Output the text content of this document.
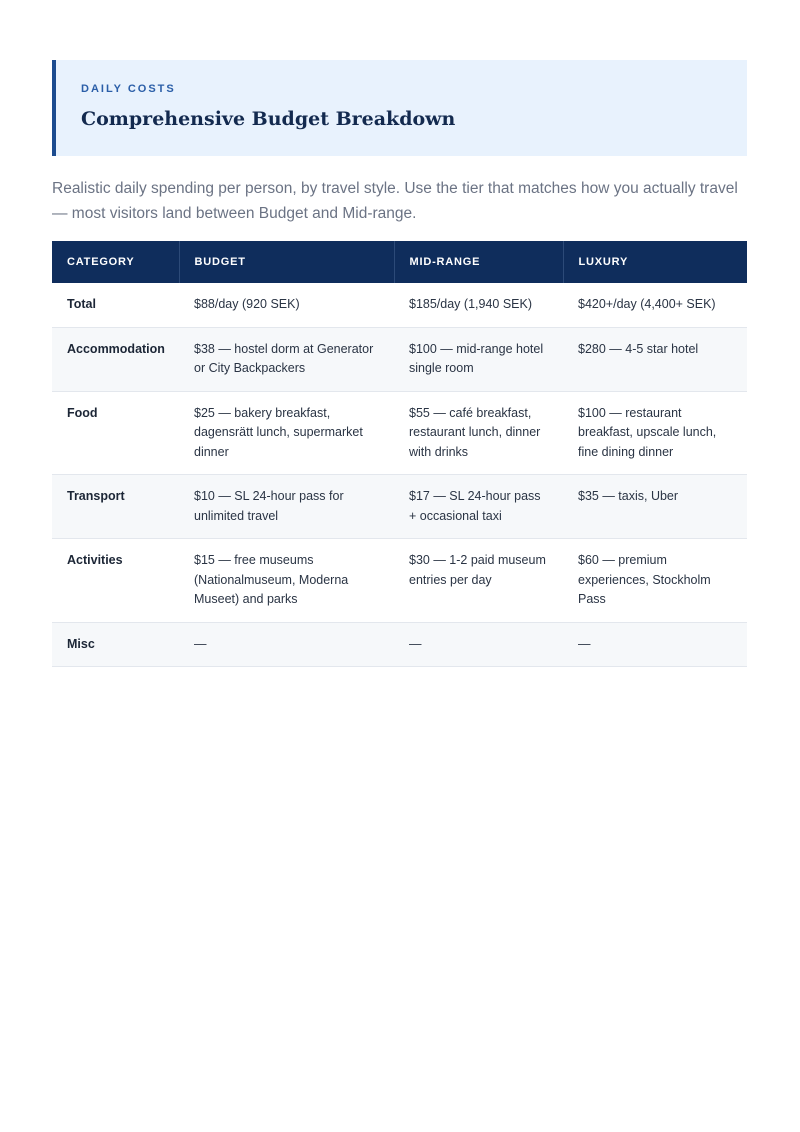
DAILY COSTS
Comprehensive Budget Breakdown

Realistic daily spending per person, by travel style. Use the tier that matches how you actually travel — most visitors land between Budget and Mid-range.

CATEGORY	BUDGET	MID-RANGE	LUXURY
Total	$88/day (920 SEK)	$185/day (1,940 SEK)	$420+/day (4,400+ SEK)
Accommodation	$38 — hostel dorm at Generator or City Backpackers	$100 — mid-range hotel single room	$280 — 4-5 star hotel
Food	$25 — bakery breakfast, dagensrätt lunch, supermarket dinner	$55 — café breakfast, restaurant lunch, dinner with drinks	$100 — restaurant breakfast, upscale lunch, fine dining dinner
Transport	$10 — SL 24-hour pass for unlimited travel	$17 — SL 24-hour pass + occasional taxi	$35 — taxis, Uber
Activities	$15 — free museums (Nationalmuseum, Moderna Museet) and parks	$30 — 1-2 paid museum entries per day	$60 — premium experiences, Stockholm Pass
Misc	—	—	—
